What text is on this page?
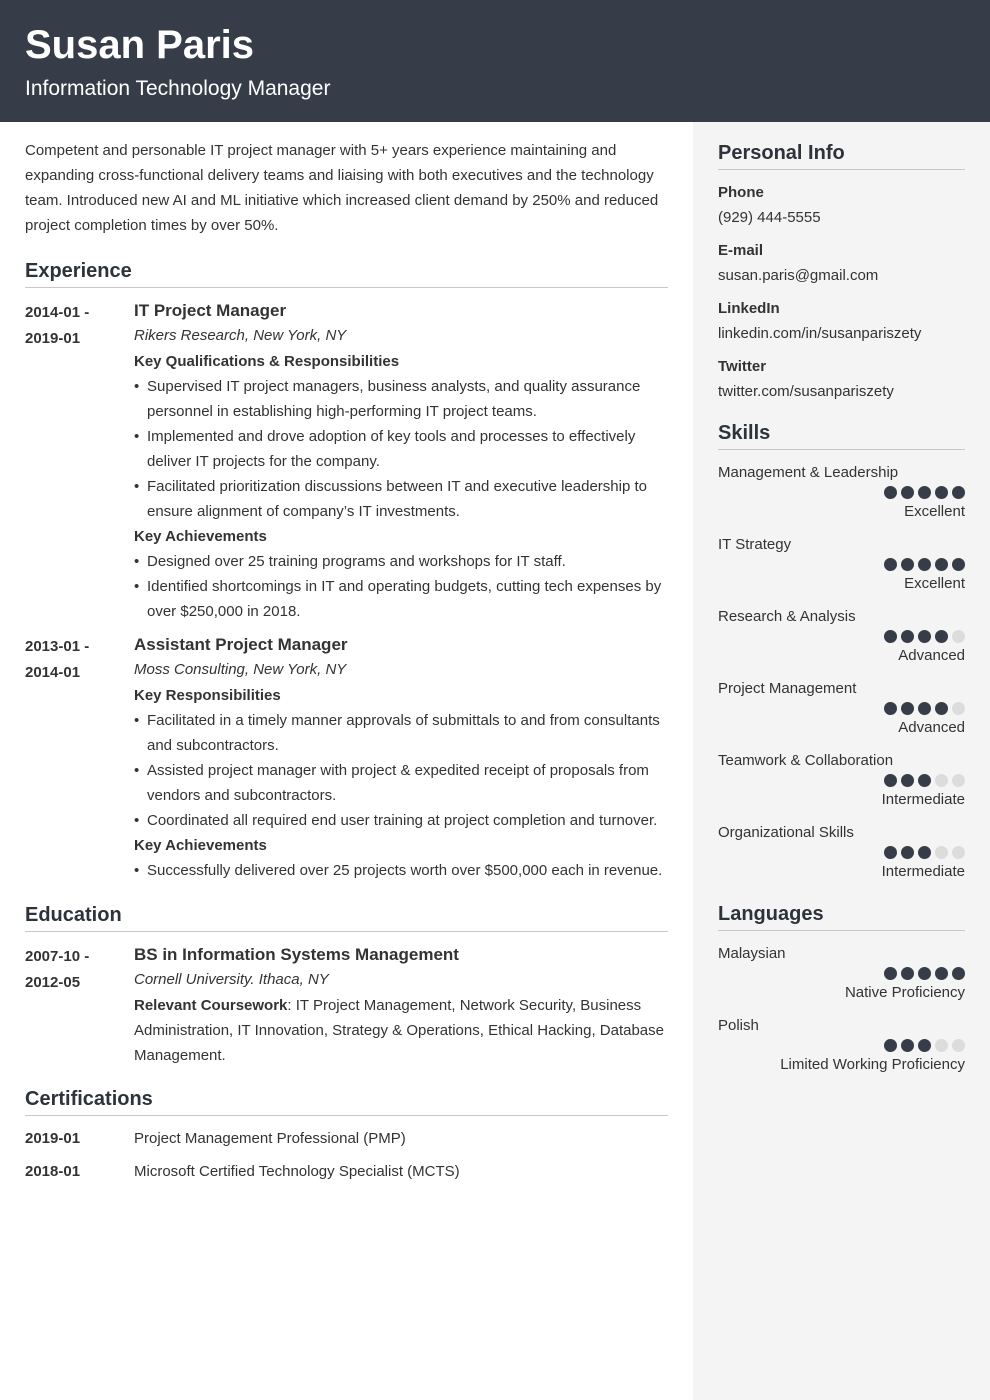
Susan Paris
Information Technology Manager

Competent and personable IT project manager with 5+ years experience maintaining and expanding cross-functional delivery teams and liaising with both executives and the technology team. Introduced new AI and ML initiative which increased client demand by 250% and reduced project completion times by over 50%.

Experience
2014-01 -
2019-01
IT Project Manager
Rikers Research, New York, NY
Key Qualifications & Responsibilities
• Supervised IT project managers, business analysts, and quality assurance personnel in establishing high-performing IT project teams.
• Implemented and drove adoption of key tools and processes to effectively deliver IT projects for the company.
• Facilitated prioritization discussions between IT and executive leadership to ensure alignment of company’s IT investments.
Key Achievements
• Designed over 25 training programs and workshops for IT staff.
• Identified shortcomings in IT and operating budgets, cutting tech expenses by over $250,000 in 2018.
2013-01 -
2014-01
Assistant Project Manager
Moss Consulting, New York, NY
Key Responsibilities
• Facilitated in a timely manner approvals of submittals to and from consultants and subcontractors.
• Assisted project manager with project & expedited receipt of proposals from vendors and subcontractors.
• Coordinated all required end user training at project completion and turnover.
Key Achievements
• Successfully delivered over 25 projects worth over $500,000 each in revenue.
Education
2007-10 -
2012-05
BS in Information Systems Management
Cornell University. Ithaca, NY
Relevant Coursework: IT Project Management, Network Security, Business Administration, IT Innovation, Strategy & Operations, Ethical Hacking, Database Management.
Certifications
2019-01	Project Management Professional (PMP)
2018-01	Microsoft Certified Technology Specialist (MCTS)
Personal Info
Phone
(929) 444-5555
E-mail
susan.paris@gmail.com
LinkedIn
linkedin.com/in/susanpariszety
Twitter
twitter.com/susanpariszety
Skills
Management & Leadership
Excellent
IT Strategy
Excellent
Research & Analysis
Advanced
Project Management
Advanced
Teamwork & Collaboration
Intermediate
Organizational Skills
Intermediate
Languages
Malaysian
Native Proficiency
Polish
Limited Working Proficiency
